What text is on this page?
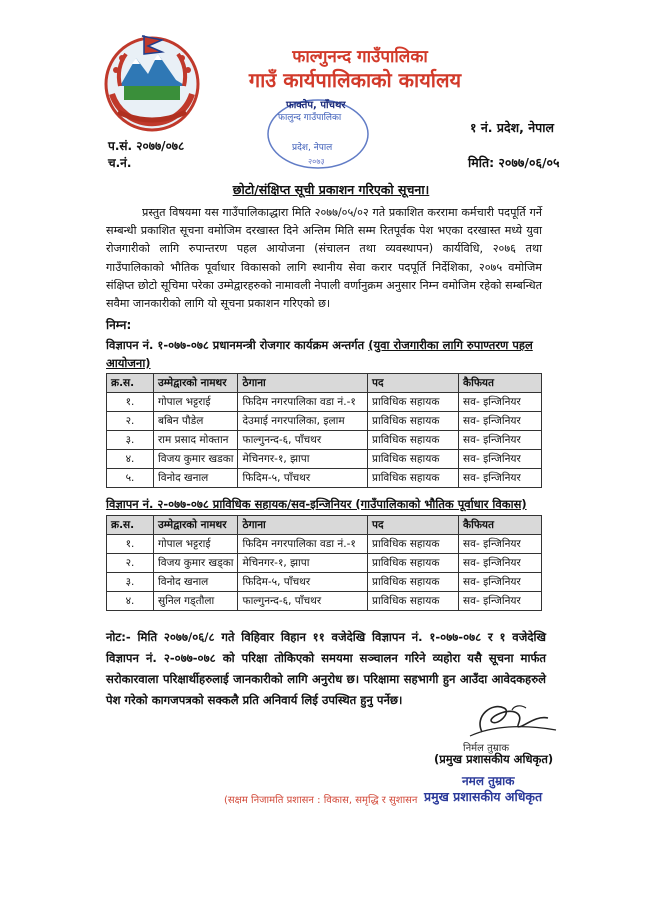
फाल्गुनन्द गाउँपालिका
गाउँ कार्यपालिकाको कार्यालय
फालुन्द गाउँपालिका
फाक्तेप, पाँचथर
प्रदेश, नेपाल
२०७३
१ नं. प्रदेश, नेपाल
प.सं. २०७७/०७८
च.नं.	मिति: २०७७/०६/०५
छोटो/संक्षिप्त सूची प्रकाशन गरिएको सूचना।
प्रस्तुत विषयमा यस गाउँपालिकाद्धारा मिति २०७७/०५/०२ गते प्रकाशित कररामा कर्मचारी पदपूर्ति गर्ने सम्बन्धी प्रकाशित सूचना वमोजिम दरखास्त दिने अन्तिम मिति सम्म रितपूर्वक पेश भएका दरखास्त मध्ये युवा रोजगारीको लागि रुपान्तरण पहल आयोजना (संचालन तथा व्यवस्थापन) कार्यविधि, २०७६ तथा गाउँपालिकाको भौतिक पूर्वाधार विकासको लागि स्थानीय सेवा करार पदपूर्ति निर्देशिका, २०७५ वमोजिम संक्षिप्त छोटो सूचिमा परेका उम्मेद्वारहरुको नामावली नेपाली वर्णानुक्रम अनुसार निम्न वमोजिम रहेको सम्बन्धित सवैमा जानकारीको लागि यो सूचना प्रकाशन गरिएको छ।
निम्न:
विज्ञापन नं. १-०७७-०७८ प्रधानमन्त्री रोजगार कार्यक्रम अन्तर्गत (युवा रोजगारीका लागि रुपाण्तरण पहल आयोजना)
क्र.स.	उम्मेद्वारको नामथर	ठेगाना	पद	कैफियत
१.	गोपाल भट्टराई	फिदिम नगरपालिका वडा नं.-१	प्राविधिक सहायक	सव- इन्जिनियर
२.	बबिन पौडेल	देउमाई नगरपालिका, इलाम	प्राविधिक सहायक	सव- इन्जिनियर
३.	राम प्रसाद मोक्तान	फाल्गुनन्द-६, पाँचथर	प्राविधिक सहायक	सव- इन्जिनियर
४.	विजय कुमार खडका	मेचिनगर-१, झापा	प्राविधिक सहायक	सव- इन्जिनियर
५.	विनोद खनाल	फिदिम-५, पाँचथर	प्राविधिक सहायक	सव- इन्जिनियर
विज्ञापन नं. २-०७७-०७८ प्राविधिक सहायक/सव-इन्जिनियर (गाउँपालिकाको भौतिक पूर्वाधार विकास)
क्र.स.	उम्मेद्वारको नामथर	ठेगाना	पद	कैफियत
१.	गोपाल भट्टराई	फिदिम नगरपालिका वडा नं.-१	प्राविधिक सहायक	सव- इन्जिनियर
२.	विजय कुमार खड्का	मेचिनगर-१, झापा	प्राविधिक सहायक	सव- इन्जिनियर
३.	विनोद खनाल	फिदिम-५, पाँचथर	प्राविधिक सहायक	सव- इन्जिनियर
४.	सुनिल गड्तौला	फाल्गुनन्द-६, पाँचथर	प्राविधिक सहायक	सव- इन्जिनियर
नोट:- मिति २०७७/०६/८ गते विहिवार विहान ११ वजेदेखि विज्ञापन नं. १-०७७-०७८ र १ वजेदेखि विज्ञापन नं. २-०७७-०७८ को परिक्षा तोकिएको समयमा सञ्चालन गरिने व्यहोरा यसै सूचना मार्फत सरोकारवाला परिक्षार्थीहरुलाई जानकारीको लागि अनुरोध छ। परिक्षामा सहभागी हुन आउँदा आवेदकहरुले पेश गरेको कागजपत्रको सक्कलै प्रति अनिवार्य लिई उपस्थित हुनु पर्नेछ।
निर्मल तुम्राक
(प्रमुख प्रशासकीय अधिकृत)
नमल तुम्राक
(सक्षम निजामति प्रशासन : विकास, समृद्धि र सुशासन प्रमुख प्रशासकीय अधिकृत
